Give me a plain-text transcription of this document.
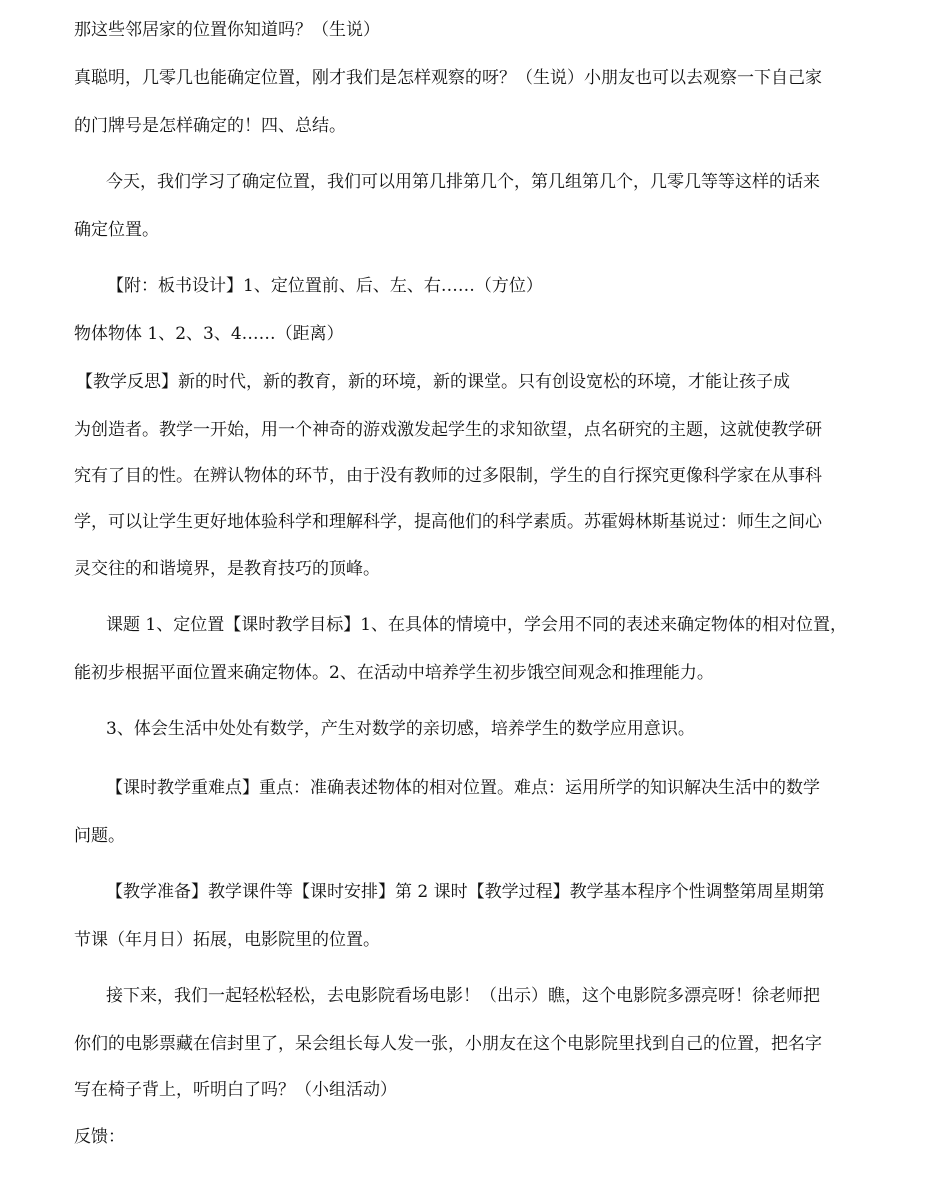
那这些邻居家的位置你知道吗？（生说）
真聪明，几零几也能确定位置，刚才我们是怎样观察的呀？（生说）小朋友也可以去观察一下自己家
的门牌号是怎样确定的！四、总结。
今天，我们学习了确定位置，我们可以用第几排第几个，第几组第几个，几零几等等这样的话来
确定位置。
【附：板书设计】1、定位置前、后、左、右……（方位）
物体物体 1、2、3、4……（距离）
【教学反思】新的时代，新的教育，新的环境，新的课堂。只有创设宽松的环境，才能让孩子成
为创造者。教学一开始，用一个神奇的游戏激发起学生的求知欲望，点名研究的主题，这就使教学研
究有了目的性。在辨认物体的环节，由于没有教师的过多限制，学生的自行探究更像科学家在从事科
学，可以让学生更好地体验科学和理解科学，提高他们的科学素质。苏霍姆林斯基说过：师生之间心
灵交往的和谐境界，是教育技巧的顶峰。
课题 1、定位置【课时教学目标】1、在具体的情境中，学会用不同的表述来确定物体的相对位置，
能初步根据平面位置来确定物体。2、在活动中培养学生初步饿空间观念和推理能力。
3、体会生活中处处有数学，产生对数学的亲切感，培养学生的数学应用意识。
【课时教学重难点】重点：准确表述物体的相对位置。难点：运用所学的知识解决生活中的数学
问题。
【教学准备】教学课件等【课时安排】第 2 课时【教学过程】教学基本程序个性调整第周星期第
节课（年月日）拓展，电影院里的位置。
接下来，我们一起轻松轻松，去电影院看场电影！（出示）瞧，这个电影院多漂亮呀！徐老师把
你们的电影票藏在信封里了，呆会组长每人发一张，小朋友在这个电影院里找到自己的位置，把名字
写在椅子背上，听明白了吗？（小组活动）
反馈：
